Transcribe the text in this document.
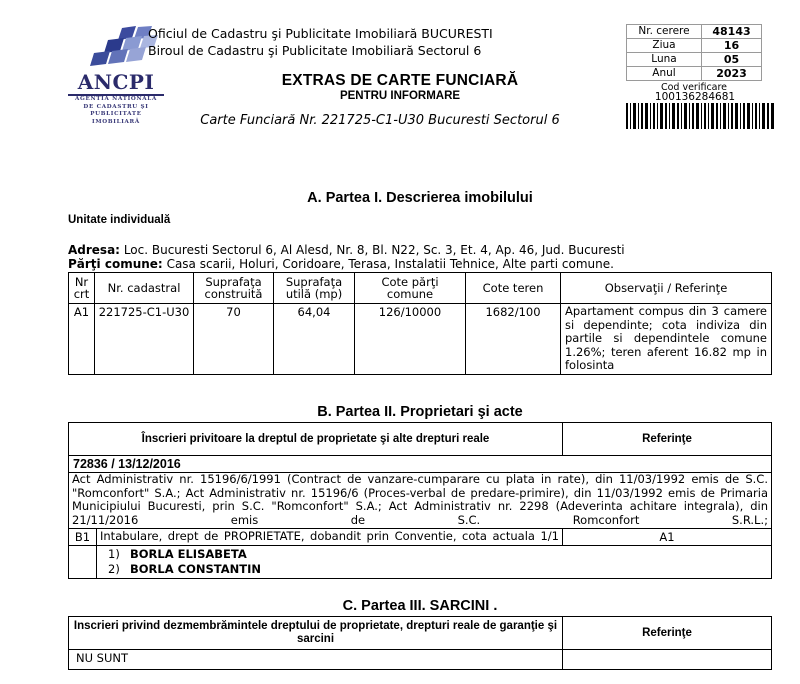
ANCPI
AGENTIA NATIONALA
DE CADASTRU ŞI
PUBLICITATE IMOBILIARĂ
Oficiul de Cadastru şi Publicitate Imobiliară BUCURESTI
Biroul de Cadastru şi Publicitate Imobiliară Sectorul 6
EXTRAS DE CARTE FUNCIARĂ
PENTRU INFORMARE
Carte Funciară Nr. 221725-C1-U30 Bucuresti Sectorul 6
Nr. cerere	48143
Ziua	16
Luna	05
Anul	2023
Cod verificare
100136284681
A. Partea I. Descrierea imobilului
Unitate individuală
Adresa: Loc. Bucuresti Sectorul 6, Al Alesd, Nr. 8, Bl. N22, Sc. 3, Et. 4, Ap. 46, Jud. Bucuresti
Părţi comune: Casa scarii, Holuri, Coridoare, Terasa, Instalatii Tehnice, Alte parti comune.
Nr crt	Nr. cadastral	Suprafaţa construită	Suprafaţa utilă (mp)	Cote părţi comune	Cote teren	Observaţii / Referinţe
A1	221725-C1-U30	70	64,04	126/10000	1682/100	Apartament compus din 3 camere si dependinte; cota indiviza din partile si dependintele comune 1.26%; teren aferent 16.82 mp in folosinta
B. Partea II. Proprietari şi acte
Înscrieri privitoare la dreptul de proprietate şi alte drepturi reale		Referinţe
72836 / 13/12/2016		
Act Administrativ nr. 15196/6/1991 (Contract de vanzare-cumparare cu plata in rate), din 11/03/1992 emis de S.C. "Romconfort" S.A.; Act Administrativ nr. 15196/6 (Proces-verbal de predare-primire), din 11/03/1992 emis de Primaria Municipiului Bucuresti, prin S.C. "Romconfort" S.A.; Act Administrativ nr. 2298 (Adeverinta achitare integrala), din 21/11/2016 emis de S.C. Romconfort S.R.L.;		
B1	Intabulare, drept de PROPRIETATE, dobandit prin Conventie, cota actuala 1/1	A1

1) BORLA ELISABETA
2) BORLA CONSTANTIN
C. Partea III. SARCINI .
Inscrieri privind dezmembrămintele dreptului de proprietate, drepturi reale de garanţie şi sarcini	Referinţe
NU SUNT	
